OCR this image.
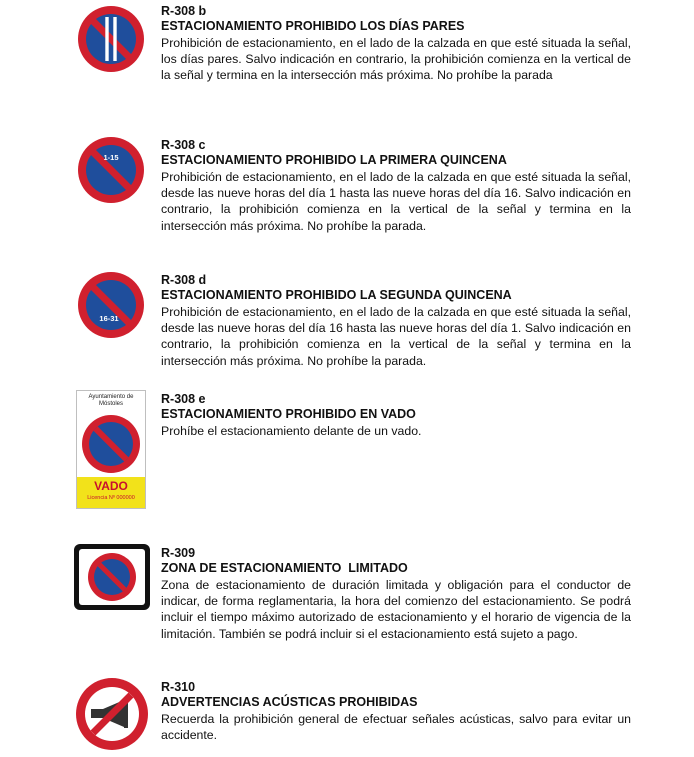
R-308 b

ESTACIONAMIENTO PROHIBIDO LOS DÍAS PARES

Prohibición de estacionamiento, en el lado de la calzada en que esté situada la señal, los días pares. Salvo indicación en contrario, la prohibición comienza en la vertical de la señal y termina en la intersección más próxima. No prohíbe la parada

1-15

R-308 c

ESTACIONAMIENTO PROHIBIDO LA PRIMERA QUINCENA

Prohibición de estacionamiento, en el lado de la calzada en que esté situada la señal, desde las nueve horas del día 1 hasta las nueve horas del día 16. Salvo indicación en contrario, la prohibición comienza en la vertical de la señal y termina en la intersección más próxima. No prohíbe la parada.

16-31

R-308 d

ESTACIONAMIENTO PROHIBIDO LA SEGUNDA QUINCENA

Prohibición de estacionamiento, en el lado de la calzada en que esté situada la señal, desde las nueve horas del día 16 hasta las nueve horas del día 1. Salvo indicación en contrario, la prohibición comienza en la vertical de la señal y termina en la intersección más próxima. No prohíbe la parada.

Ayuntamiento de Móstoles
VADO
Licencia Nº 000000

R-308 e

ESTACIONAMIENTO PROHIBIDO EN VADO

Prohíbe el estacionamiento delante de un vado.

R-309

ZONA DE ESTACIONAMIENTO  LIMITADO

Zona de estacionamiento de duración limitada y obligación para el conductor de indicar, de forma reglamentaria, la hora del comienzo del estacionamiento. Se podrá incluir el tiempo máximo autorizado de estacionamiento y el horario de vigencia de la limitación. También se podrá incluir si el estacionamiento está sujeto a pago.

R-310

ADVERTENCIAS ACÚSTICAS PROHIBIDAS

Recuerda la prohibición general de efectuar señales acústicas, salvo para evitar un accidente.
